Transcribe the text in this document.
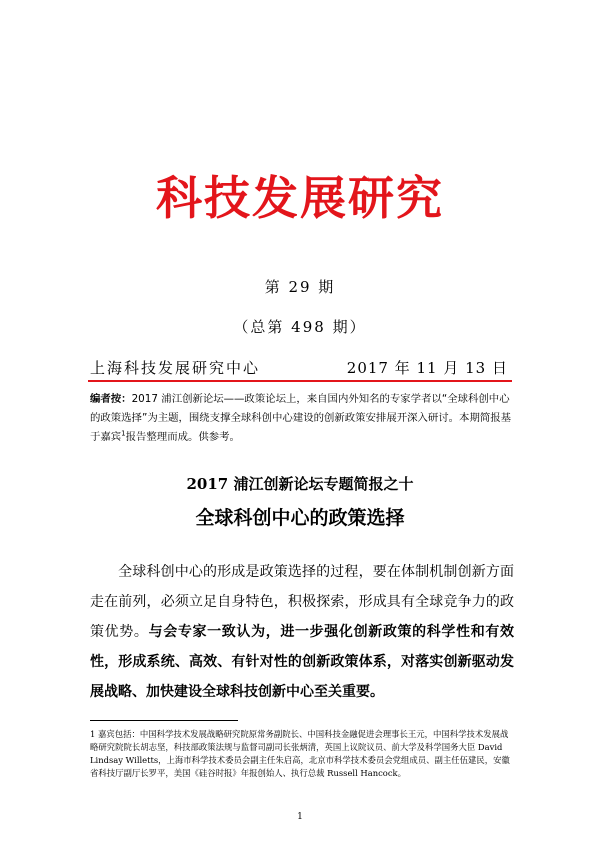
科技发展研究
第 29 期
（总第 498 期）
上海科技发展研究中心	2017 年 11 月 13 日
编者按：2017 浦江创新论坛——政策论坛上，来自国内外知名的专家学者以“全球科创中心的政策选择”为主题，围绕支撑全球科创中心建设的创新政策安排展开深入研讨。本期简报基于嘉宾$^1$报告整理而成。供参考。
2017 浦江创新论坛专题简报之十
全球科创中心的政策选择
全球科创中心的形成是政策选择的过程，要在体制机制创新方面走在前列，必须立足自身特色，积极探索，形成具有全球竞争力的政策优势。与会专家一致认为，进一步强化创新政策的科学性和有效性，形成系统、高效、有针对性的创新政策体系，对落实创新驱动发展战略、加快建设全球科技创新中心至关重要。
1 嘉宾包括：中国科学技术发展战略研究院原常务副院长、中国科技金融促进会理事长王元，中国科学技术发展战略研究院院长胡志坚，科技部政策法规与监督司副司长张炳清，英国上议院议员、前大学及科学国务大臣 David Lindsay Willetts，上海市科学技术委员会副主任朱启高，北京市科学技术委员会党组成员、副主任伍建民，安徽省科技厅副厅长罗平，美国《硅谷时报》年报创始人、执行总裁 Russell Hancock。
1
